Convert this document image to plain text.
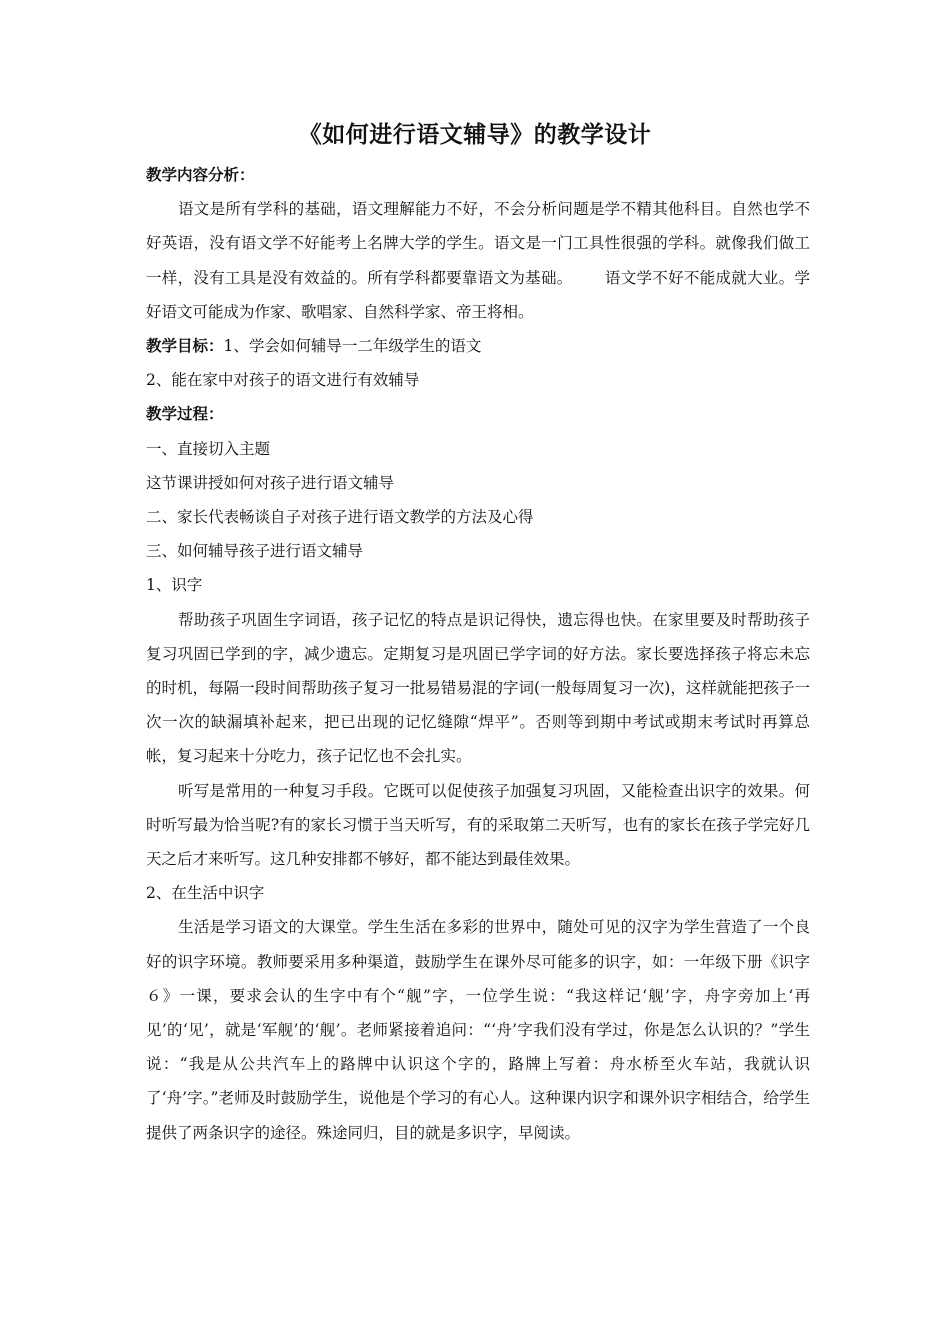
《如何进行语文辅导》的教学设计

教学内容分析：

语文是所有学科的基础，语文理解能力不好，不会分析问题是学不精其他科目。自然也学不好英语，没有语文学不好能考上名牌大学的学生。语文是一门工具性很强的学科。就像我们做工一样，没有工具是没有效益的。所有学科都要靠语文为基础。 语文学不好不能成就大业。学好语文可能成为作家、歌唱家、自然科学家、帝王将相。

教学目标：1、学会如何辅导一二年级学生的语文

2、能在家中对孩子的语文进行有效辅导

教学过程：

一、直接切入主题

这节课讲授如何对孩子进行语文辅导

二、家长代表畅谈自子对孩子进行语文教学的方法及心得

三、如何辅导孩子进行语文辅导

1、识字

帮助孩子巩固生字词语，孩子记忆的特点是识记得快，遗忘得也快。在家里要及时帮助孩子复习巩固已学到的字，减少遗忘。定期复习是巩固已学字词的好方法。家长要选择孩子将忘未忘的时机，每隔一段时间帮助孩子复习一批易错易混的字词(一般每周复习一次)，这样就能把孩子一次一次的缺漏填补起来，把已出现的记忆缝隙“焊平”。否则等到期中考试或期末考试时再算总帐，复习起来十分吃力，孩子记忆也不会扎实。

听写是常用的一种复习手段。它既可以促使孩子加强复习巩固，又能检查出识字的效果。何时听写最为恰当呢?有的家长习惯于当天听写，有的采取第二天听写，也有的家长在孩子学完好几天之后才来听写。这几种安排都不够好，都不能达到最佳效果。

2、在生活中识字

生活是学习语文的大课堂。学生生活在多彩的世界中，随处可见的汉字为学生营造了一个良好的识字环境。教师要采用多种渠道，鼓励学生在课外尽可能多的识字，如：一年级下册《识字６》一课，要求会认的生字中有个“舰”字，一位学生说：“我这样记‘舰’字，舟字旁加上‘再见’的‘见’，就是‘军舰’的‘舰’。老师紧接着追问：“‘舟’字我们没有学过，你是怎么认识的？”学生说：“我是从公共汽车上的路牌中认识这个字的，路牌上写着：舟水桥至火车站，我就认识了‘舟’字。”老师及时鼓励学生，说他是个学习的有心人。这种课内识字和课外识字相结合，给学生提供了两条识字的途径。殊途同归，目的就是多识字，早阅读。
